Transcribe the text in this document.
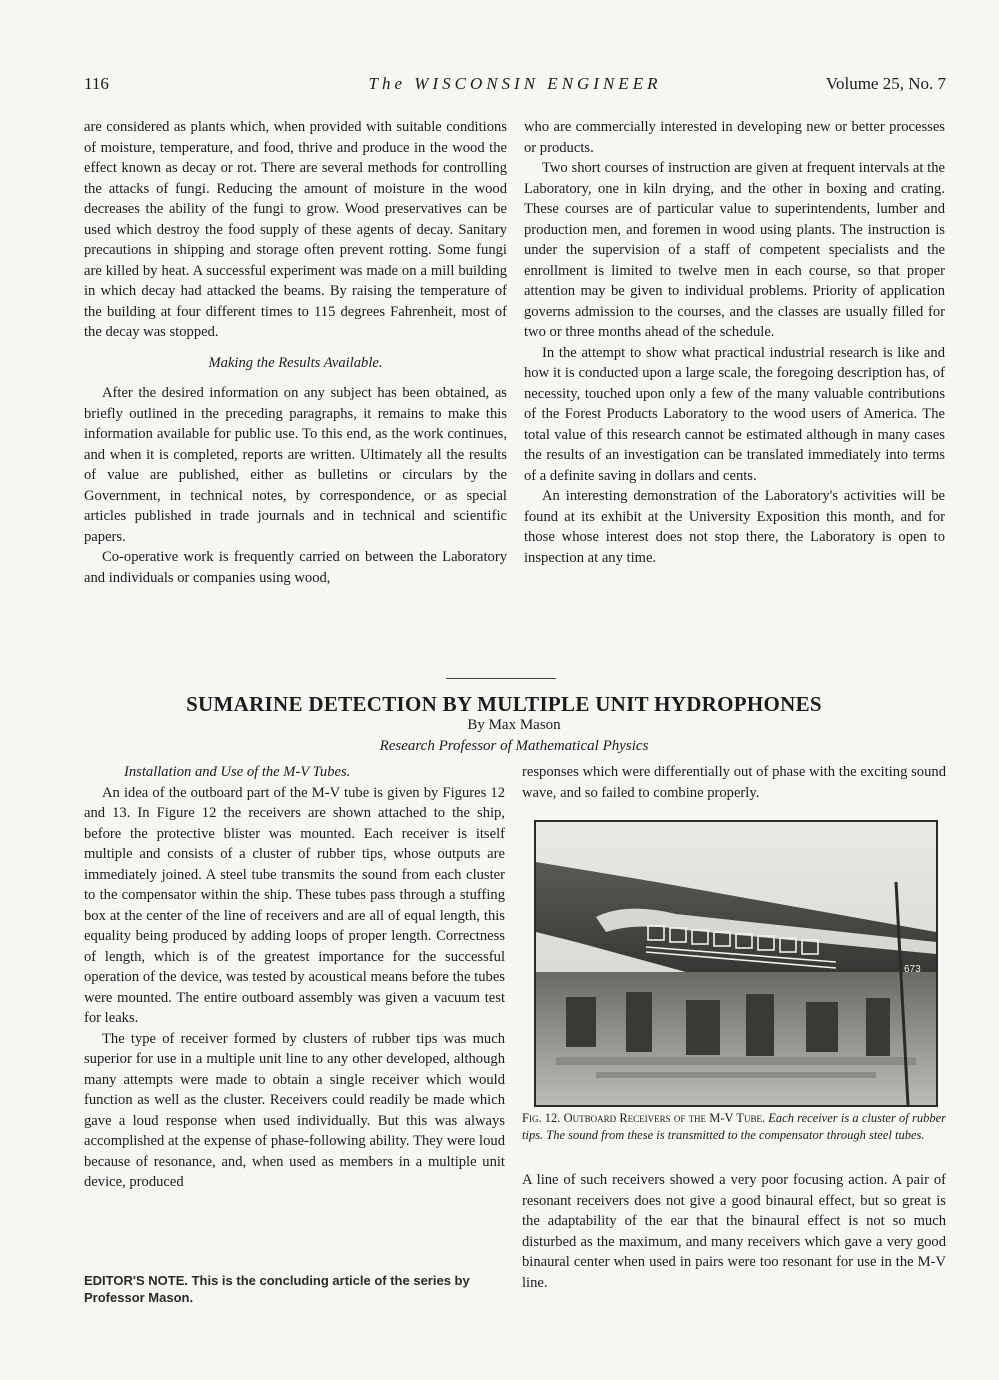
116	The WISCONSIN ENGINEER	Volume 25, No. 7

are considered as plants which, when provided with suitable conditions of moisture, temperature, and food, thrive and produce in the wood the effect known as decay or rot. There are several methods for controlling the attacks of fungi. Reducing the amount of moisture in the wood decreases the ability of the fungi to grow. Wood preservatives can be used which destroy the food supply of these agents of decay. Sanitary precautions in shipping and storage often prevent rotting. Some fungi are killed by heat. A successful experiment was made on a mill building in which decay had attacked the beams. By raising the temperature of the building at four different times to 115 degrees Fahrenheit, most of the decay was stopped.

Making the Results Available.

After the desired information on any subject has been obtained, as briefly outlined in the preceding paragraphs, it remains to make this information available for public use. To this end, as the work continues, and when it is completed, reports are written. Ultimately all the results of value are published, either as bulletins or circulars by the Government, in technical notes, by correspondence, or as special articles published in trade journals and in technical and scientific papers.

Co-operative work is frequently carried on between the Laboratory and individuals or companies using wood,

who are commercially interested in developing new or better processes or products.

Two short courses of instruction are given at frequent intervals at the Laboratory, one in kiln drying, and the other in boxing and crating. These courses are of particular value to superintendents, lumber and production men, and foremen in wood using plants. The instruction is under the supervision of a staff of competent specialists and the enrollment is limited to twelve men in each course, so that proper attention may be given to individual problems. Priority of application governs admission to the courses, and the classes are usually filled for two or three months ahead of the schedule.

In the attempt to show what practical industrial research is like and how it is conducted upon a large scale, the foregoing description has, of necessity, touched upon only a few of the many valuable contributions of the Forest Products Laboratory to the wood users of America. The total value of this research cannot be estimated although in many cases the results of an investigation can be translated immediately into terms of a definite saving in dollars and cents.

An interesting demonstration of the Laboratory's activities will be found at its exhibit at the University Exposition this month, and for those whose interest does not stop there, the Laboratory is open to inspection at any time.

SUMARINE DETECTION BY MULTIPLE UNIT HYDROPHONES
By Max Mason
Research Professor of Mathematical Physics

Installation and Use of the M-V Tubes.

An idea of the outboard part of the M-V tube is given by Figures 12 and 13. In Figure 12 the receivers are shown attached to the ship, before the protective blister was mounted. Each receiver is itself multiple and consists of a cluster of rubber tips, whose outputs are immediately joined. A steel tube transmits the sound from each cluster to the compensator within the ship. These tubes pass through a stuffing box at the center of the line of receivers and are all of equal length, this equality being produced by adding loops of proper length. Correctness of length, which is of the greatest importance for the successful operation of the device, was tested by acoustical means before the tubes were mounted. The entire outboard assembly was given a vacuum test for leaks.

The type of receiver formed by clusters of rubber tips was much superior for use in a multiple unit line to any other developed, although many attempts were made to obtain a single receiver which would function as well as the cluster. Receivers could readily be made which gave a loud response when used individually. But this was always accomplished at the expense of phase-following ability. They were loud because of resonance, and, when used as members in a multiple unit device, produced

EDITOR'S NOTE. This is the concluding article of the series by Professor Mason.

responses which were differentially out of phase with the exciting sound wave, and so failed to combine properly.

673
Fig. 12. Outboard Receivers of the M-V Tube. Each receiver is a cluster of rubber tips. The sound from these is transmitted to the compensator through steel tubes.

A line of such receivers showed a very poor focusing action. A pair of resonant receivers does not give a good binaural effect, but so great is the adaptability of the ear that the binaural effect is not so much disturbed as the maximum, and many receivers which gave a very good binaural center when used in pairs were too resonant for use in the M-V line.
